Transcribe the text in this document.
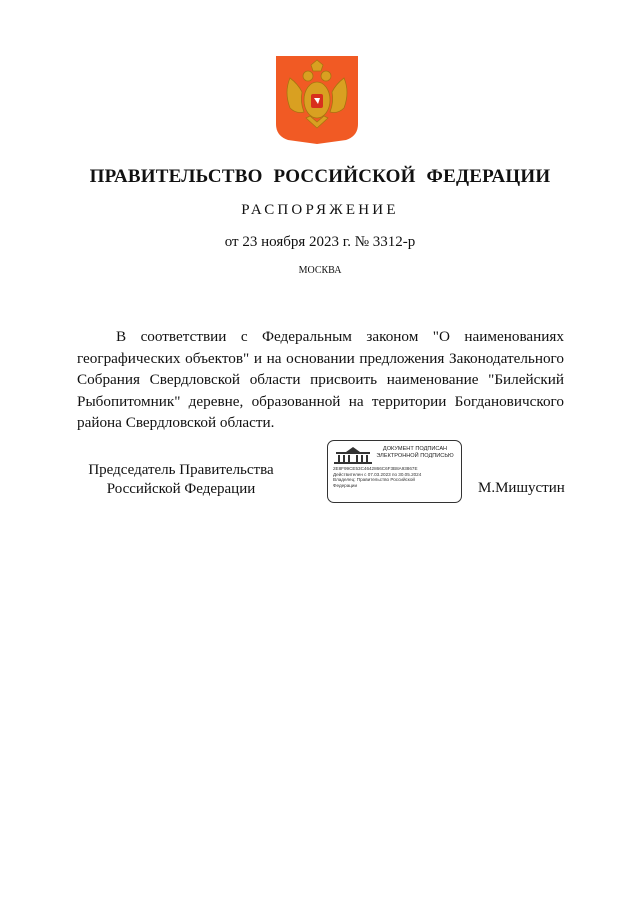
ПРАВИТЕЛЬСТВО РОССИЙСКОЙ ФЕДЕРАЦИИ
РАСПОРЯЖЕНИЕ
от 23 ноября 2023 г. № 3312-р
МОСКВА

В соответствии с Федеральным законом "О наименованиях географических объектов" и на основании предложения Законодательного Собрания Свердловской области присвоить наименование "Билейский Рыбопитомник" деревне, образованной на территории Богдановичского района Свердловской области.

Председатель Правительства
Российской Федерации
ДОКУМЕНТ ПОДПИСАН
ЭЛЕКТРОННОЙ ПОДПИСЬЮ
2E8F99CE53C4642866C6F3B8A93867E
Действителен с 07.03.2023 по 30.05.2024
Владелец: Правительство Российской
Федерации	М.Мишустин
